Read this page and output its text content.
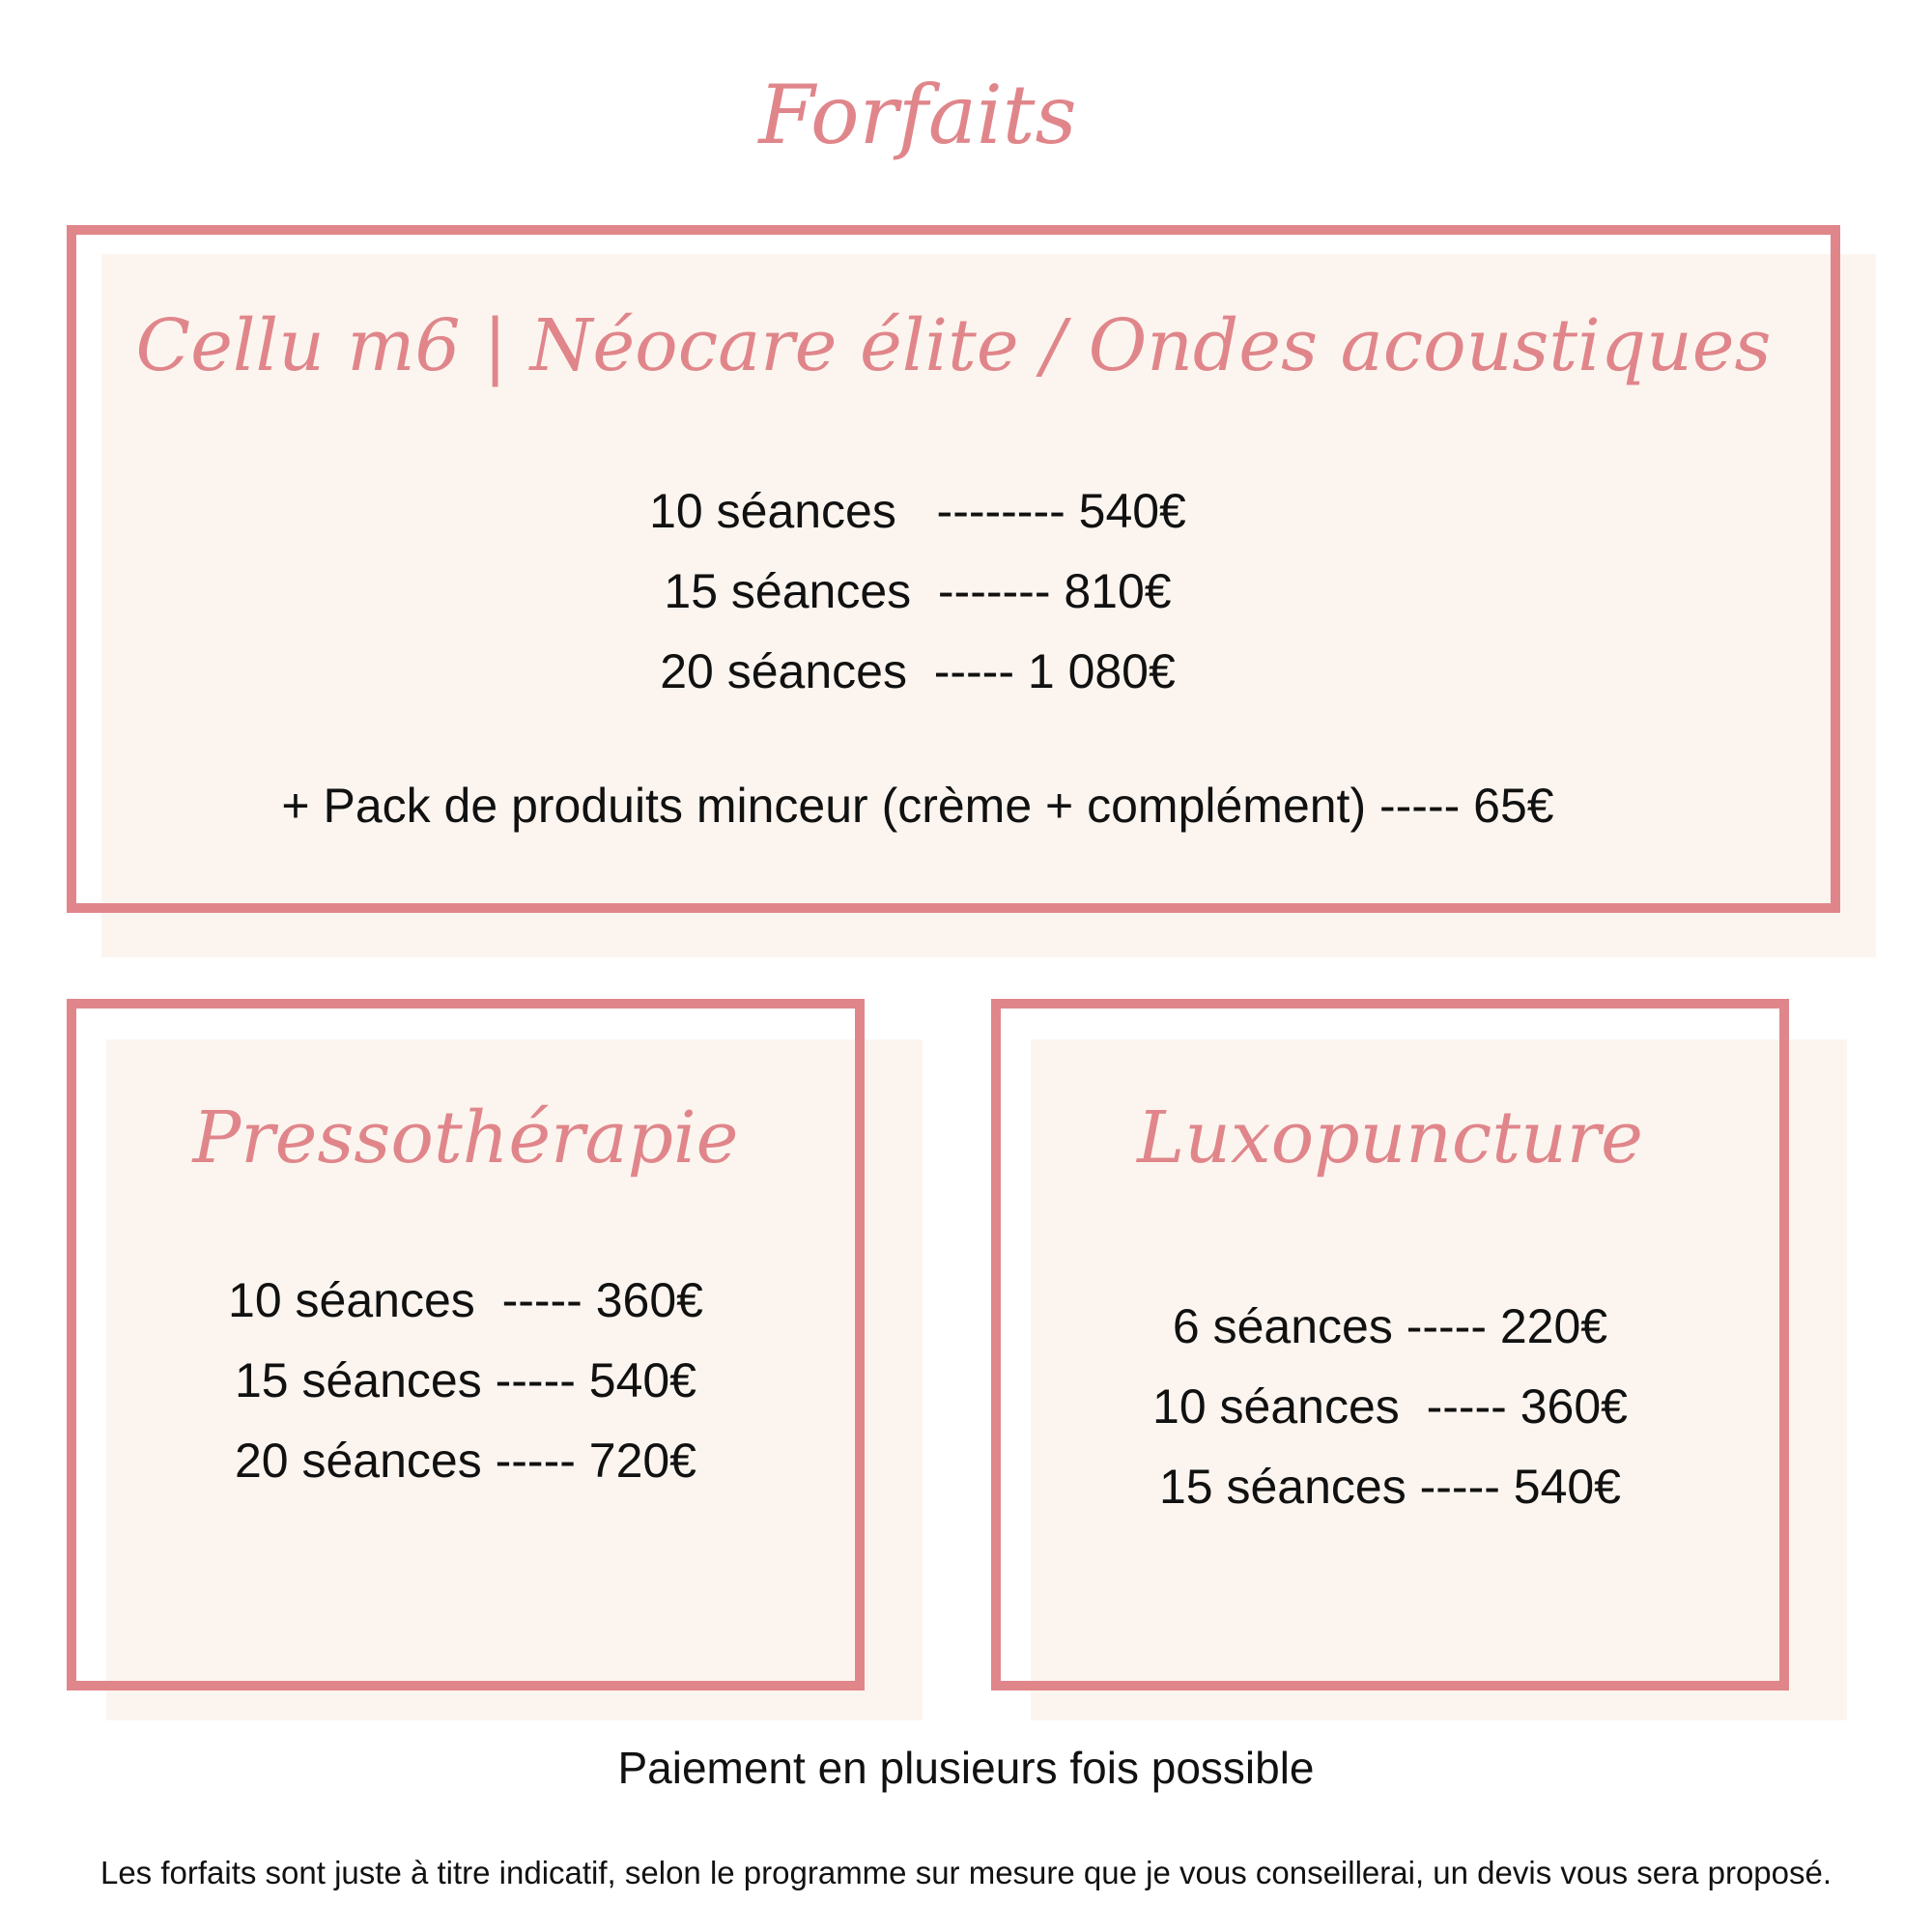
Forfaits
Cellu m6 | Néocare élite / Ondes acoustiques
10 séances   -------- 540€
15 séances  ------- 810€
20 séances  ----- 1 080€
+ Pack de produits minceur (crème + complément) ----- 65€
Pressothérapie
10 séances  ----- 360€
15 séances ----- 540€
20 séances ----- 720€
Luxopuncture
6 séances ----- 220€
10 séances  ----- 360€
15 séances ----- 540€
Paiement en plusieurs fois possible
Les forfaits sont juste à titre indicatif, selon le programme sur mesure que je vous conseillerai, un devis vous sera proposé.
